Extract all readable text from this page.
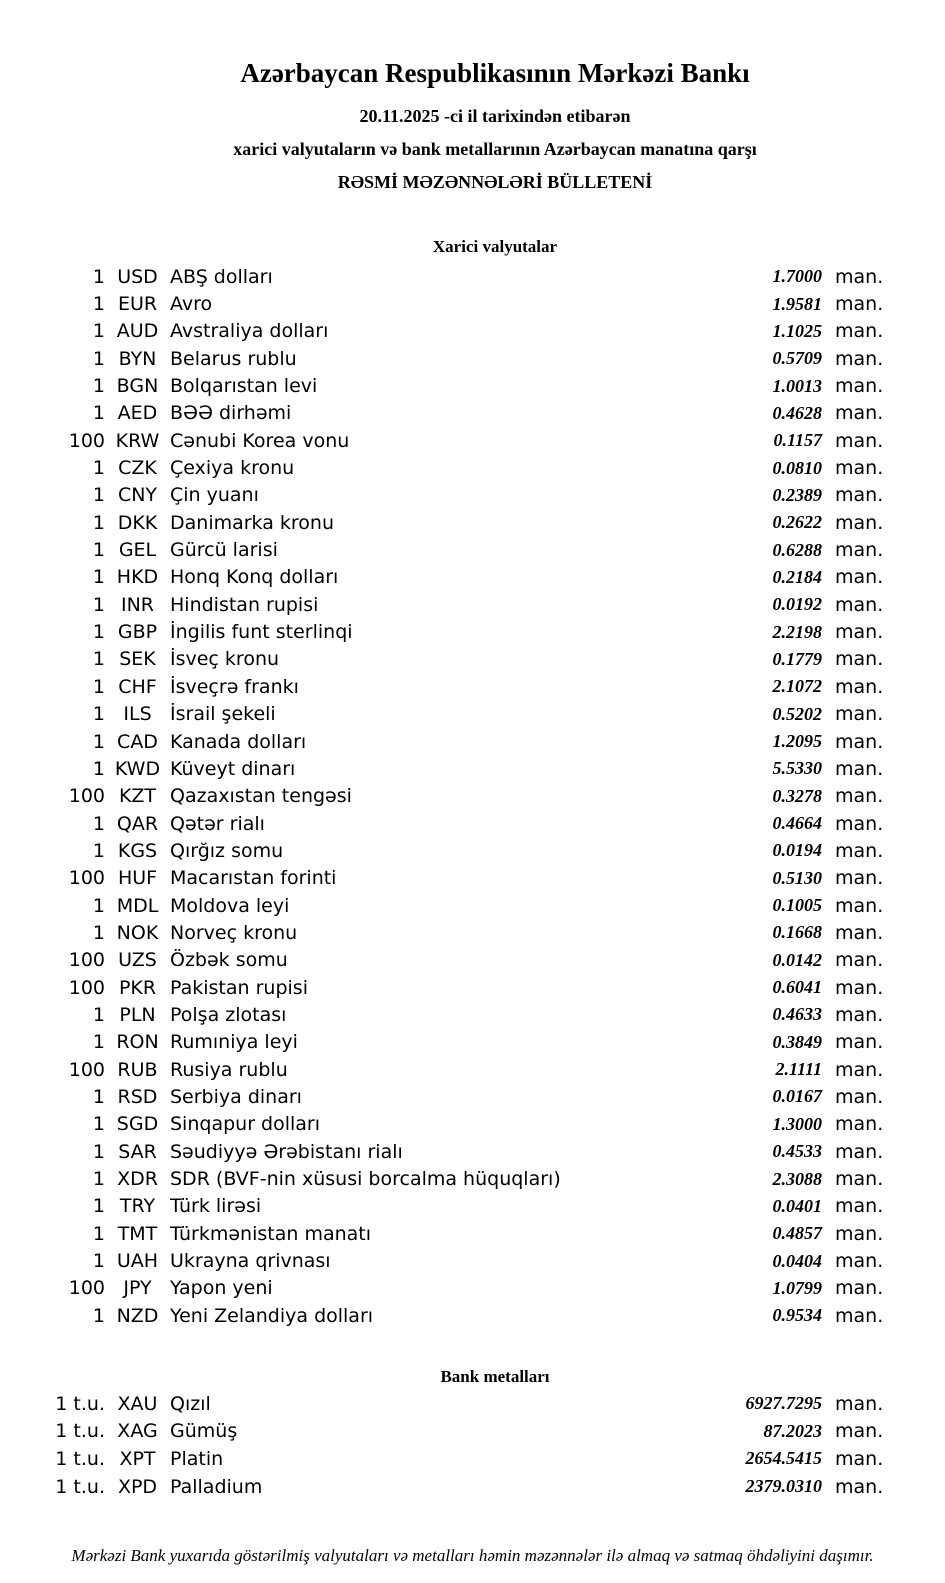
Azərbaycan Respublikasının Mərkəzi Bankı
20.11.2025 -ci il tarixindən etibarən
xarici valyutaların və bank metallarının Azərbaycan manatına qarşı
RƏSMİ MƏZƏNNƏLƏRİ BÜLLETENİ
Xarici valyutalar
1 USD ABŞ dolları	1.7000 man.
1 EUR Avro	1.9581 man.
1 AUD Avstraliya dolları	1.1025 man.
1 BYN Belarus rublu	0.5709 man.
1 BGN Bolqarıstan levi	1.0013 man.
1 AED BƏƏ dirhəmi	0.4628 man.
100 KRW Cənubi Korea vonu	0.1157 man.
1 CZK Çexiya kronu	0.0810 man.
1 CNY Çin yuanı	0.2389 man.
1 DKK Danimarka kronu	0.2622 man.
1 GEL Gürcü larisi	0.6288 man.
1 HKD Honq Konq dolları	0.2184 man.
1 INR Hindistan rupisi	0.0192 man.
1 GBP İngilis funt sterlinqi	2.2198 man.
1 SEK İsveç kronu	0.1779 man.
1 CHF İsveçrə frankı	2.1072 man.
1 ILS İsrail şekeli	0.5202 man.
1 CAD Kanada dolları	1.2095 man.
1 KWD Küveyt dinarı	5.5330 man.
100 KZT Qazaxıstan tengəsi	0.3278 man.
1 QAR Qətər rialı	0.4664 man.
1 KGS Qırğız somu	0.0194 man.
100 HUF Macarıstan forinti	0.5130 man.
1 MDL Moldova leyi	0.1005 man.
1 NOK Norveç kronu	0.1668 man.
100 UZS Özbək somu	0.0142 man.
100 PKR Pakistan rupisi	0.6041 man.
1 PLN Polşa zlotası	0.4633 man.
1 RON Rumıniya leyi	0.3849 man.
100 RUB Rusiya rublu	2.1111 man.
1 RSD Serbiya dinarı	0.0167 man.
1 SGD Sinqapur dolları	1.3000 man.
1 SAR Səudiyyə Ərəbistanı rialı	0.4533 man.
1 XDR SDR (BVF-nin xüsusi borcalma hüquqları)	2.3088 man.
1 TRY Türk lirəsi	0.0401 man.
1 TMT Türkmənistan manatı	0.4857 man.
1 UAH Ukrayna qrivnası	0.0404 man.
100 JPY Yapon yeni	1.0799 man.
1 NZD Yeni Zelandiya dolları	0.9534 man.
Bank metalları
1 t.u. XAU Qızıl	6927.7295 man.
1 t.u. XAG Gümüş	87.2023 man.
1 t.u. XPT Platin	2654.5415 man.
1 t.u. XPD Palladium	2379.0310 man.
Mərkəzi Bank yuxarıda göstərilmiş valyutaları və metalları həmin məzənnələr ilə almaq və satmaq öhdəliyini daşımır.
